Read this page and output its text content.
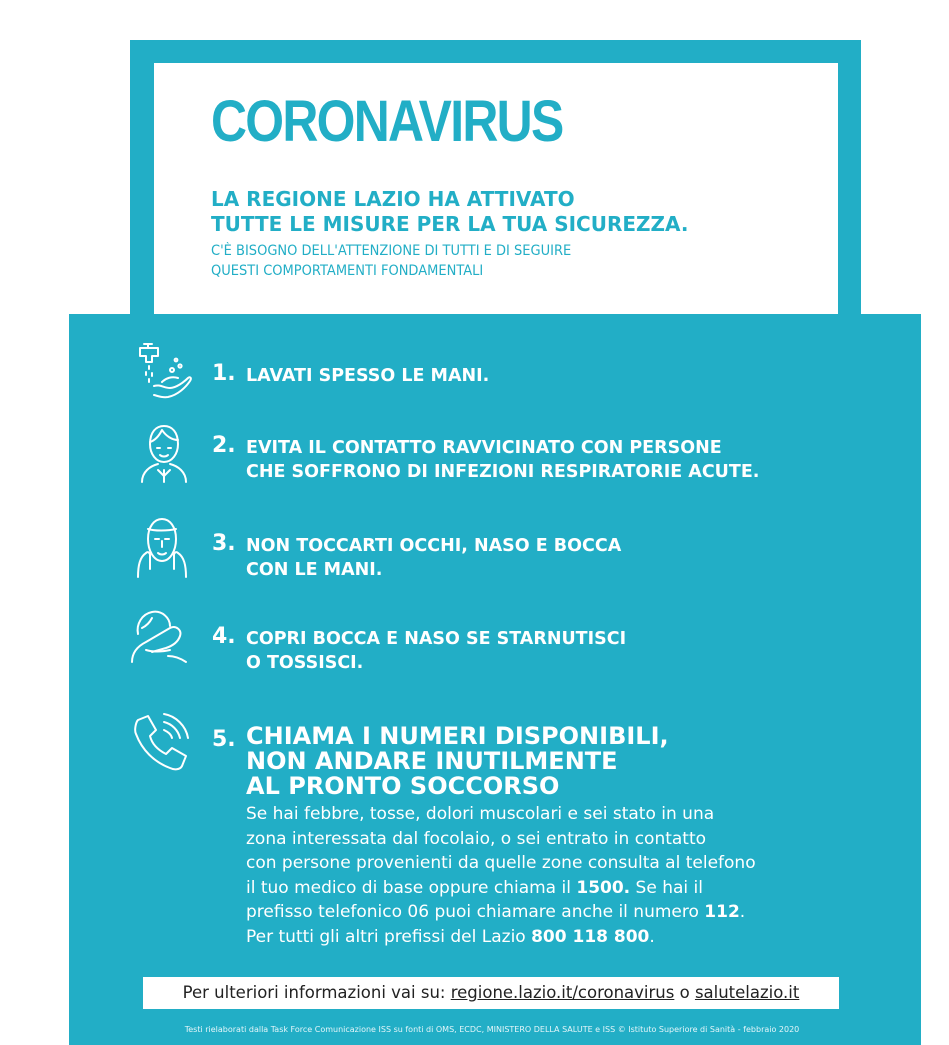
CORONAVIRUS
LA REGIONE LAZIO HA ATTIVATO
TUTTE LE MISURE PER LA TUA SICUREZZA.
C'È BISOGNO DELL'ATTENZIONE DI TUTTI E DI SEGUIRE
QUESTI COMPORTAMENTI FONDAMENTALI
1. LAVATI SPESSO LE MANI.
2. EVITA IL CONTATTO RAVVICINATO CON PERSONE
CHE SOFFRONO DI INFEZIONI RESPIRATORIE ACUTE.
3. NON TOCCARTI OCCHI, NASO E BOCCA
CON LE MANI.
4. COPRI BOCCA E NASO SE STARNUTISCI
O TOSSISCI.
5. CHIAMA I NUMERI DISPONIBILI,
NON ANDARE INUTILMENTE
AL PRONTO SOCCORSO
Se hai febbre, tosse, dolori muscolari e sei stato in una
zona interessata dal focolaio, o sei entrato in contatto
con persone provenienti da quelle zone consulta al telefono
il tuo medico di base oppure chiama il 1500. Se hai il
prefisso telefonico 06 puoi chiamare anche il numero 112.
Per tutti gli altri prefissi del Lazio 800 118 800.
Per ulteriori informazioni vai su: regione.lazio.it/coronavirus o salutelazio.it
Testi rielaborati dalla Task Force Comunicazione ISS su fonti di OMS, ECDC, MINISTERO DELLA SALUTE e ISS © Istituto Superiore di Sanità - febbraio 2020
